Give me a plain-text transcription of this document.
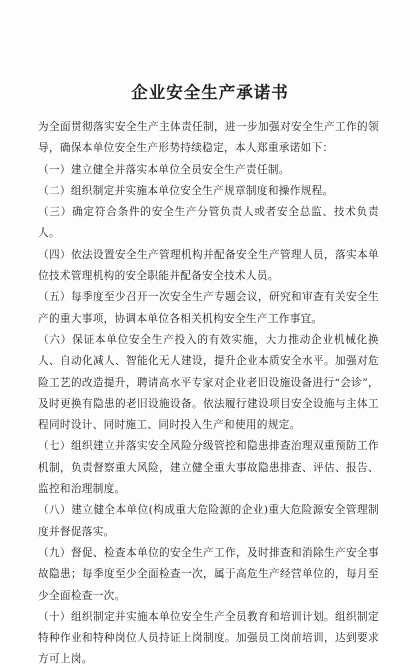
企业安全生产承诺书

为全面贯彻落实安全生产主体责任制，进一步加强对安全生产工作的领导，确保本单位安全生产形势持续稳定，本人郑重承诺如下：

（一）建立健全并落实本单位全员安全生产责任制。

（二）组织制定并实施本单位安全生产规章制度和操作规程。

（三）确定符合条件的安全生产分管负责人或者安全总监、技术负责人。

（四）依法设置安全生产管理机构并配备安全生产管理人员，落实本单位技术管理机构的安全职能并配备安全技术人员。

（五）每季度至少召开一次安全生产专题会议，研究和审查有关安全生产的重大事项，协调本单位各相关机构安全生产工作事宜。

（六）保证本单位安全生产投入的有效实施，大力推动企业机械化换人、自动化减人、智能化无人建设，提升企业本质安全水平。加强对危险工艺的改造提升，聘请高水平专家对企业老旧设施设备进行“会诊”，及时更换有隐患的老旧设施设备。依法履行建设项目安全设施与主体工程同时设计、同时施工、同时投入生产和使用的规定。

（七）组织建立并落实安全风险分级管控和隐患排查治理双重预防工作机制，负责督察重大风险，建立健全重大事故隐患排查、评估、报告、监控和治理制度。

（八）建立健全本单位(构成重大危险源的企业)重大危险源安全管理制度并督促落实。

（九）督促、检查本单位的安全生产工作，及时排查和消除生产安全事故隐患；每季度至少全面检查一次，属于高危生产经营单位的，每月至少全面检查一次。

（十）组织制定并实施本单位安全生产全员教育和培训计划。组织制定特种作业和特种岗位人员持证上岗制度。加强员工岗前培训，达到要求方可上岗。
